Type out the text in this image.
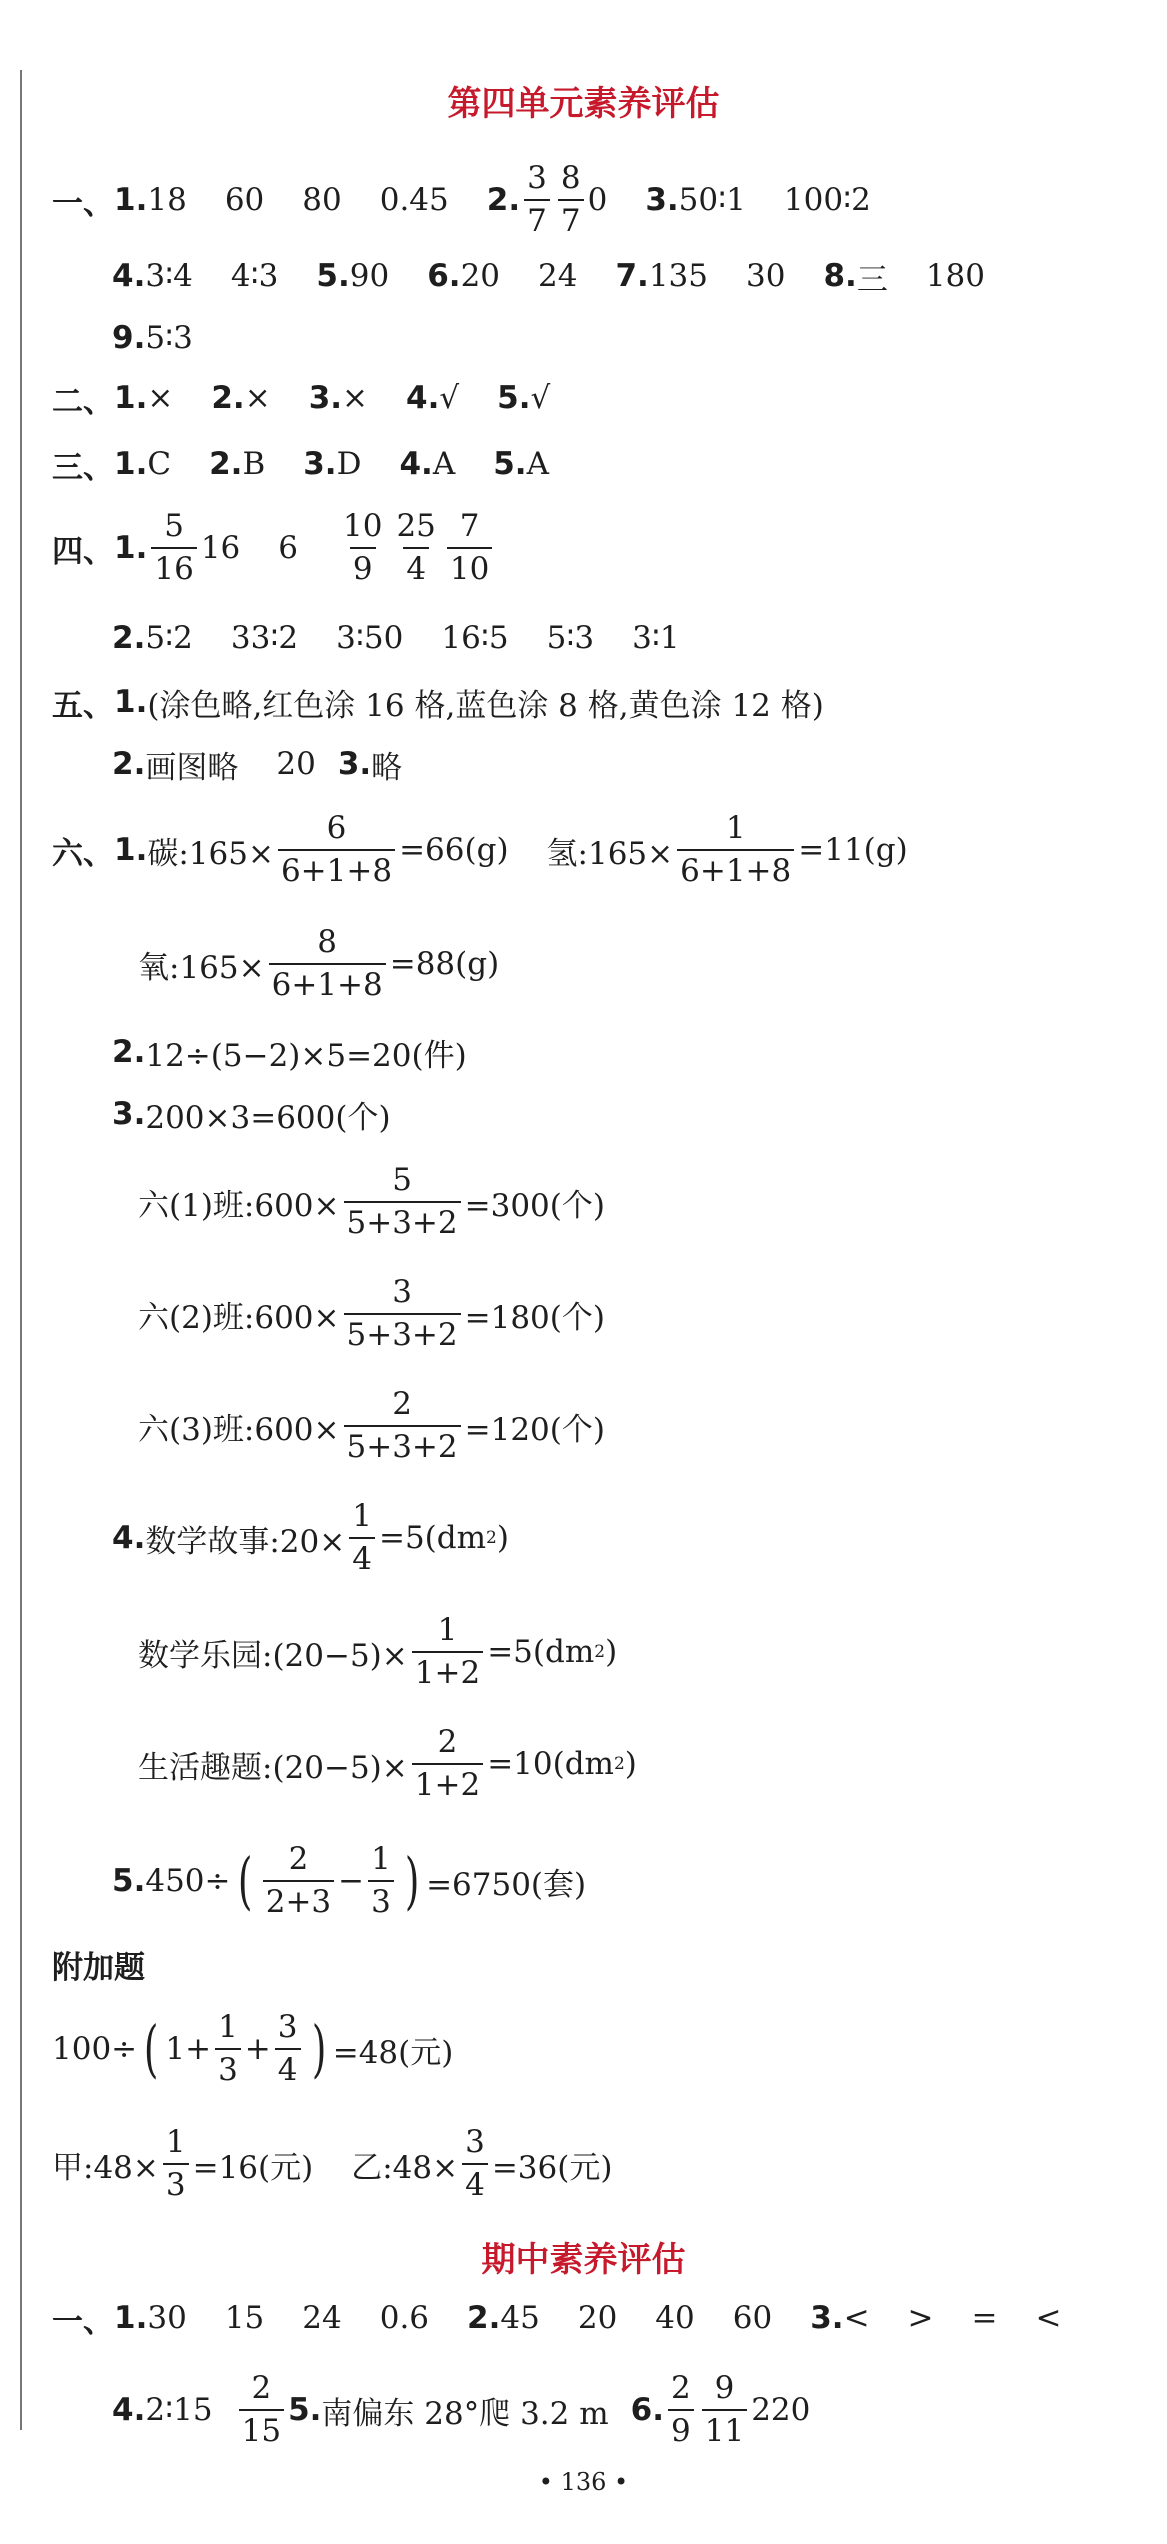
第四单元素养评估
一、 1. 18 60 80 0.45 2. $\frac{3}{7} \frac{8}{7} 0$ 3. 50∶1 100∶2
4. 3∶4 4∶3 5. 90 6. 20 24 7. 135 30 8. 三 180
9. 5∶3
二、 1. × 2. × 3. × 4. √ 5. √
三、 1. C 2. B 3. D 4. A 5. A
四、 1. $\frac{5}{16} 16$ $6 \frac{10}{9} \frac{25}{4} \frac{7}{10}$
2. 5∶2 33∶2 3∶50 16∶5 5∶3 3∶1
五、 1. (涂色略,红色涂 16 格,蓝色涂 8 格,黄色涂 12 格)
2. 画图略 20 3. 略
六、 1. 碳:165× $\frac{6}{6+1+8} =66(g)$ 氢:165× $\frac{1}{6+1+8} =11(g)$
氧:165× $\frac{8}{6+1+8} =88(g)$
2. 12÷(5−2)×5=20(件)
3. 200×3=600(个)
六(1)班:600× $\frac{5}{5+3+2} =300$(个)
六(2)班:600× $\frac{3}{5+3+2} =180$(个)
六(3)班:600× $\frac{2}{5+3+2} =120$(个)
4. 数学故事:20× $\frac{1}{4} =5(dm$ 2 )
数学乐园:(20−5)× $\frac{1}{1+2} =5(dm$ 2 )
生活趣题:(20−5)× $\frac{2}{1+2} =10(dm$ 2 )
5. 450÷ ( $\frac{2}{2+3} - \frac{1}{3}$ ) =6750(套)
附加题
100÷ ( $1+ \frac{1}{3} + \frac{3}{4}$ ) =48(元)
甲:48× $\frac{1}{3} =16$(元) 乙:48× $\frac{3}{4} =36$(元)
期中素养评估
一、 1. 30 15 24 0.6 2. 45 20 40 60 3. < > = <
4. 2∶15 $\frac{2}{15} 5$. 南偏东 28°爬 3.2 m 6. $\frac{2}{9} \frac{9}{11} 220$
• 136 •
